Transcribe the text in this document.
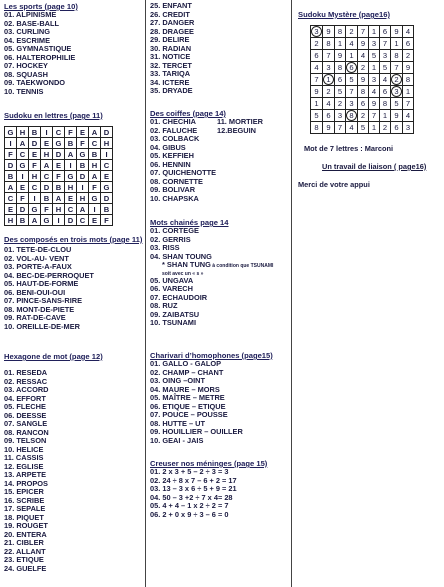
Les sports (page 10)

01. ALPINISME
02. BASE-BALL
03. CURLING
04. ESCRIME
05. GYMNASTIQUE
06. HALTEROPHILIE
07. HOCKEY
08. SQUASH
09. TAEKWONDO
10. TENNIS

Sudoku en lettres (page 11)

G	H	B	I	C	F	E	A	D
I	A	D	E	G	B	F	C	H
F	C	E	H	D	A	G	B	I
D	G	F	A	E	I	B	H	C
B	I	H	C	F	G	D	A	E
A	E	C	D	B	H	I	F	G
C	F	I	B	A	E	H	G	D
E	D	G	F	H	C	A	I	B
H	B	A	G	I	D	C	E	F

Des composés en trois mots (page 11)

01. TETE-DE-CLOU
02. VOL-AU- VENT
03. PORTE-A-FAUX
04. BEC-DE-PERROQUET
05. HAUT-DE-FORME
06. BENI-OUI-OUI
07. PINCE-SANS-RIRE
08. MONT-DE-PIETE
09. RAT-DE-CAVE
10. OREILLE-DE-MER

Hexagone de mot (page 12)

01. RESEDA
02. RESSAC
03. ACCORD
04. EFFORT
05. FLECHE
06. DEESSE
07. SANGLE
08. RANCON
09. TELSON
10. HELICE
11. CASSIS
12. EGLISE
13. ARPETE
14. PROPOS
15. EPICER
16. SCRIBE
17. SEPALE
18. PIQUET
19. ROUGET
20. ENTERA
21. CIBLER
22. ALLANT
23. ETIQUE
24. GUELFE
25. ENFANT
26. CREDIT
27. DANGER
28. DRAGEE
29. DELIRE
30. RADIAN
31. NOTICE
32. TERCET
33. TARIQA
34. ICTERE
35. DRYADE

Des coiffes (page 14)

01. CHECHIA
02. FALUCHE
03. COLBACK
04. GIBUS
05. KEFFIEH
06. HENNIN
07. QUICHENOTTE
08. CORNETTE
09. BOLIVAR
10. CHAPSKA
11. MORTIER
12.BEGUIN

Mots chainés page 14

01. CORTEGE
02. GERRIS
03. RISS
04. SHAN TOUNG
* SHAN TUNG à condition que TSUNAMI
soit avec un « s »
05. UNGAVA
06. VARECH
07. ECHAUDOIR
08. RUZ
09. ZAIBATSU
10. TSUNAMI

Charivari d’homophones (page15)

01. GALLO - GALOP
02. CHAMP – CHANT
03. OING –OINT
04. MAURE – MORS
05. MAÎTRE – METRE
06. ETIQUE – ETIQUE
07. POUCE – POUSSE
08. HUTTE – UT
09. HOUILLIER – OUILLER
10. GEAI - JAIS

Creuser nos méninges (page 15)

01. 2 x 3 + 5 – 2 ÷ 3 = 3
02. 24 ÷ 8 x 7 – 6 + 2 = 17
03. 13 – 3 x 6 ÷ 5 + 9 = 21
04. 50 – 3 +2 ÷ 7 x 4= 28
05. 4 + 4 – 1 x 2 ÷ 2 = 7
06. 2 + 0 x 9 ÷ 3 – 6 = 0

Sudoku Mystère (page16)

3	9	8	2	7	1	6	9	4
2	8	1	4	9	3	7	1	6
6	7	9	1	4	5	3	8	2
4	3	8	6	2	1	5	7	9
7	1	6	5	9	3	4	2	8
9	2	5	7	8	4	6	3	1
1	4	2	3	6	9	8	5	7
5	6	3	8	2	7	1	9	4
8	9	7	4	5	1	2	6	3
Mot de 7 lettres : Marconi
Un travail de liaison ( page16)
Merci de votre appui
